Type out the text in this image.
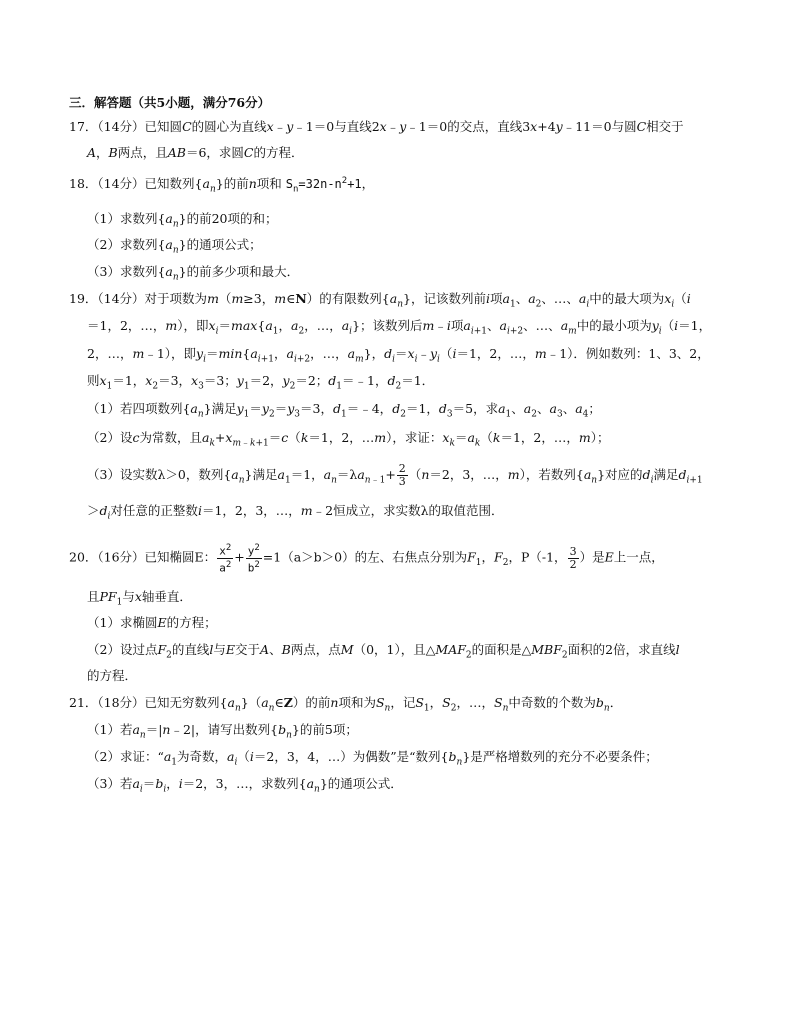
三．解答题（共5小题，满分76分）
17．（14分）已知圆C的圆心为直线x﹣y﹣1＝0与直线2x﹣y﹣1＝0的交点，直线3x+4y﹣11＝0与圆C相交于
A，B两点，且AB＝6，求圆C的方程．
18．（14分）已知数列$\{a_n\}$的前n项和 $S_n=32n-n^2+1$，
（1）求数列$\{a_n\}$的前20项的和；
（2）求数列$\{a_n\}$的通项公式；
（3）求数列$\{a_n\}$的前多少项和最大．
19．（14分）对于项数为m（m≥3，m∈N）的有限数列$\{a_n\}$，记该数列前i项$a_1$、$a_2$、…、$a_i$中的最大项为$x_i(i$
＝1，2，…，m），即$x_i=\max\{a_1$，$a_2$，…，$a_i$}；该数列后m﹣i项$a_{i+1}$、$a_{i+2}$、…、$a_m$中的最小项为$y_i(i=1$，
2，…，m﹣1），即$y_i=\min\{a_{i+1}$，$a_{i+2}$，…，$a_m$}，$d_i=x_i﹣y_i(i=1$，2，…，m﹣1）．例如数列：1、3、2，
则$x_1=1$，$x_2=3$，$x_3=3$；$y_1=2$，$y_2=2$；$d_1=﹣1$，$d_2=1$．
（1）若四项数列$\{a_n\}$满足$y_1=y_2=y_3=3$，$d_1=﹣4$，$d_2=1$，$d_3=5$，求$a_1$、$a_2$、$a_3$、$a_4$；
（2）设c为常数，且$a_k+x_{m﹣k+1}=c(k=1$，2，…m），求证：$x_k=a_k(k=1$，2，…，m）；
（3）设实数λ＞0，数列$\{a_n\}$满足$a_1=1$，$a_n=\lambda a_{n﹣1}+ \frac{2}{3} (n=2$，3，…，m），若数列$\{a_n\}$对应的$d_i$满足$d_{i+1}$
$>d_i$对任意的正整数i＝1，2，3，…，m﹣2恒成立，求实数λ的取值范围．
20．（16分）已知椭圆E： $\frac{x^2}{a^2} + \frac{y^2}{b^2} =1(a>b>0)$的左、右焦点分别为$F_1$，$F_2$，P（-1， $\frac{3}{2}$ ）是E上一点，
且$PF_1$与x轴垂直．
（1）求椭圆E的方程；
（2）设过点$F_2$的直线l与E交于A、B两点，点M（0，1），且$\triangle MAF_2$的面积是$\triangle MBF_2$面积的2倍，求直线l
的方程．
21．（18分）已知无穷数列$\{a_n\}(a_n\in Z)$的前n项和为$S_n$，记$S_1$，$S_2$，…，$S_n$中奇数的个数为$b_n$．
（1）若$a_n=|n﹣2|$，请写出数列$\{b_n\}$的前5项；
（2）求证：“$a_1$为奇数，$a_i(i=2$，3，4，…）为偶数”是“数列$\{b_n\}$是严格增数列的充分不必要条件；
（3）若$a_i=b_i$，i＝2，3，…，求数列$\{a_n\}$的通项公式．
